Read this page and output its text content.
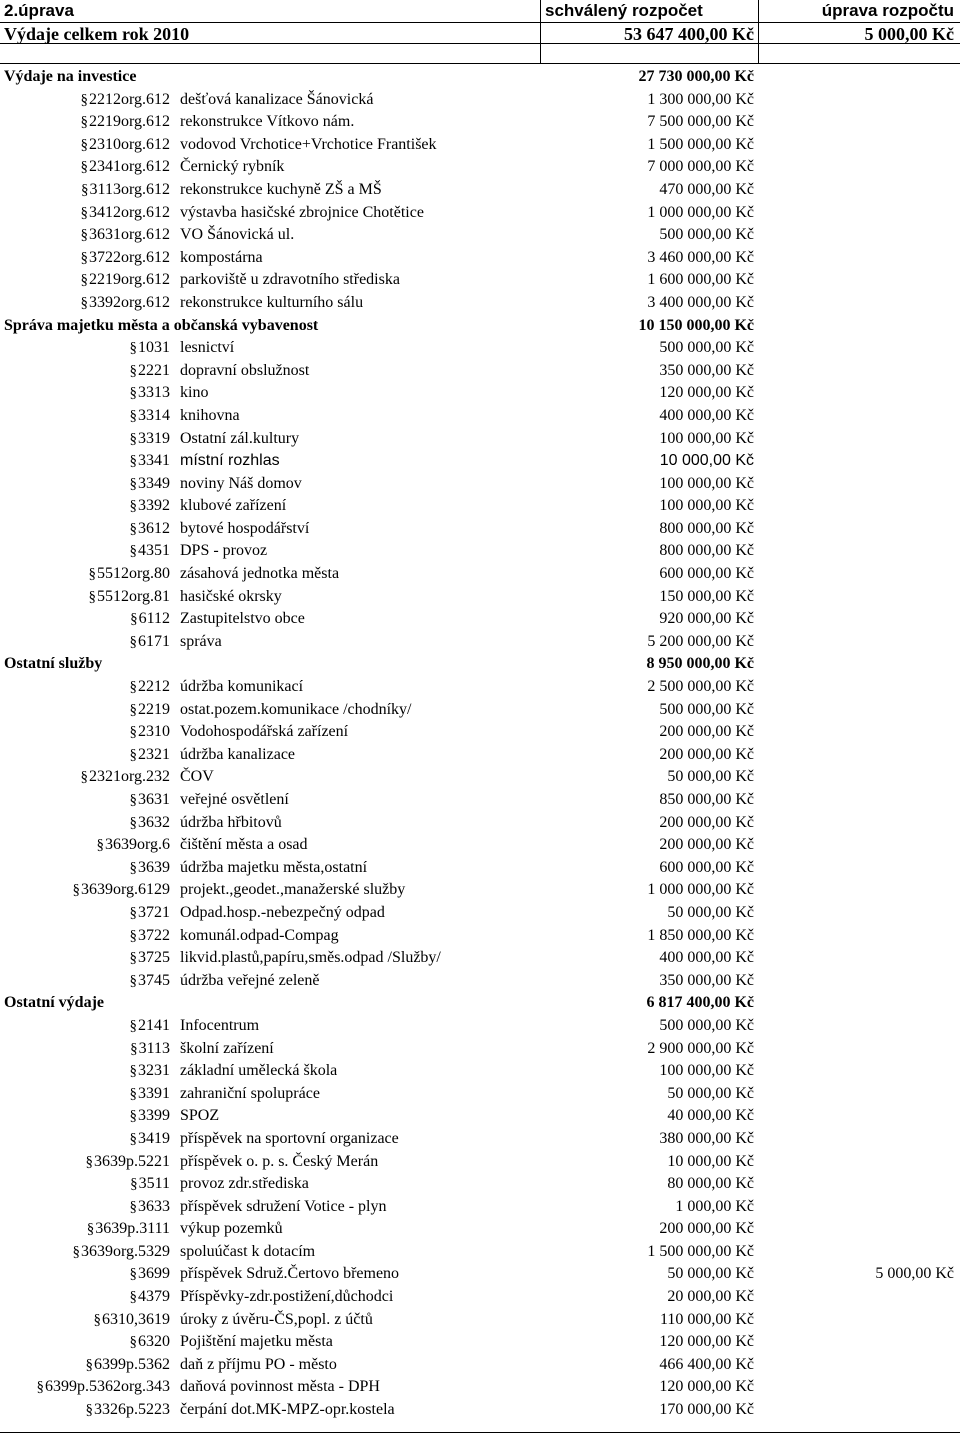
2.úprava	schválený rozpočet	úprava rozpočtu
Výdaje celkem rok 2010	53 647 400,00 Kč	5 000,00 Kč
Výdaje na investice	27 730 000,00 Kč
§2212org.612 dešťová kanalizace Šánovická	1 300 000,00 Kč
§2219org.612 rekonstrukce Vítkovo nám.	7 500 000,00 Kč
§2310org.612 vodovod Vrchotice+Vrchotice František	1 500 000,00 Kč
§2341org.612 Černický rybník	7 000 000,00 Kč
§3113org.612 rekonstrukce kuchyně ZŠ a MŠ	470 000,00 Kč
§3412org.612 výstavba hasičské zbrojnice Chotětice	1 000 000,00 Kč
§3631org.612 VO Šánovická ul.	500 000,00 Kč
§3722org.612 kompostárna	3 460 000,00 Kč
§2219org.612 parkoviště u zdravotního střediska	1 600 000,00 Kč
§3392org.612 rekonstrukce kulturního sálu	3 400 000,00 Kč
Správa majetku města a občanská vybavenost	10 150 000,00 Kč
§1031 lesnictví	500 000,00 Kč
§2221 dopravní obslužnost	350 000,00 Kč
§3313 kino	120 000,00 Kč
§3314 knihovna	400 000,00 Kč
§3319 Ostatní zál.kultury	100 000,00 Kč
§3341 místní rozhlas	10 000,00 Kč
§3349 noviny Náš domov	100 000,00 Kč
§3392 klubové zařízení	100 000,00 Kč
§3612 bytové hospodářství	800 000,00 Kč
§4351 DPS - provoz	800 000,00 Kč
§5512org.80 zásahová jednotka města	600 000,00 Kč
§5512org.81 hasičské okrsky	150 000,00 Kč
§6112 Zastupitelstvo obce	920 000,00 Kč
§6171 správa	5 200 000,00 Kč
Ostatní služby	8 950 000,00 Kč
§2212 údržba komunikací	2 500 000,00 Kč
§2219 ostat.pozem.komunikace /chodníky/	500 000,00 Kč
§2310 Vodohospodářská zařízení	200 000,00 Kč
§2321 údržba kanalizace	200 000,00 Kč
§2321org.232 ČOV	50 000,00 Kč
§3631 veřejné osvětlení	850 000,00 Kč
§3632 údržba hřbitovů	200 000,00 Kč
§3639org.6 čištění města a osad	200 000,00 Kč
§3639 údržba majetku města,ostatní	600 000,00 Kč
§3639org.6129 projekt.,geodet.,manažerské služby	1 000 000,00 Kč
§3721 Odpad.hosp.-nebezpečný odpad	50 000,00 Kč
§3722 komunál.odpad-Compag	1 850 000,00 Kč
§3725 likvid.plastů,papíru,směs.odpad /Služby/	400 000,00 Kč
§3745 údržba veřejné zeleně	350 000,00 Kč
Ostatní výdaje	6 817 400,00 Kč
§2141 Infocentrum	500 000,00 Kč
§3113 školní zařízení	2 900 000,00 Kč
§3231 základní umělecká škola	100 000,00 Kč
§3391 zahraniční spolupráce	50 000,00 Kč
§3399 SPOZ	40 000,00 Kč
§3419 příspěvek na sportovní organizace	380 000,00 Kč
§3639p.5221 příspěvek o. p. s. Český Merán	10 000,00 Kč
§3511 provoz zdr.střediska	80 000,00 Kč
§3633 příspěvek sdružení Votice - plyn	1 000,00 Kč
§3639p.3111 výkup pozemků	200 000,00 Kč
§3639org.5329 spoluúčast k dotacím	1 500 000,00 Kč
§3699 příspěvek Sdruž.Čertovo břemeno	50 000,00 Kč	5 000,00 Kč
§4379 Příspěvky-zdr.postižení,důchodci	20 000,00 Kč
§6310,3619 úroky z úvěru-ČS,popl. z účtů	110 000,00 Kč
§6320 Pojištění majetku města	120 000,00 Kč
§6399p.5362 daň z příjmu PO - město	466 400,00 Kč
§6399p.5362org.343 daňová povinnost města - DPH	120 000,00 Kč
§3326p.5223 čerpání dot.MK-MPZ-opr.kostela	170 000,00 Kč
